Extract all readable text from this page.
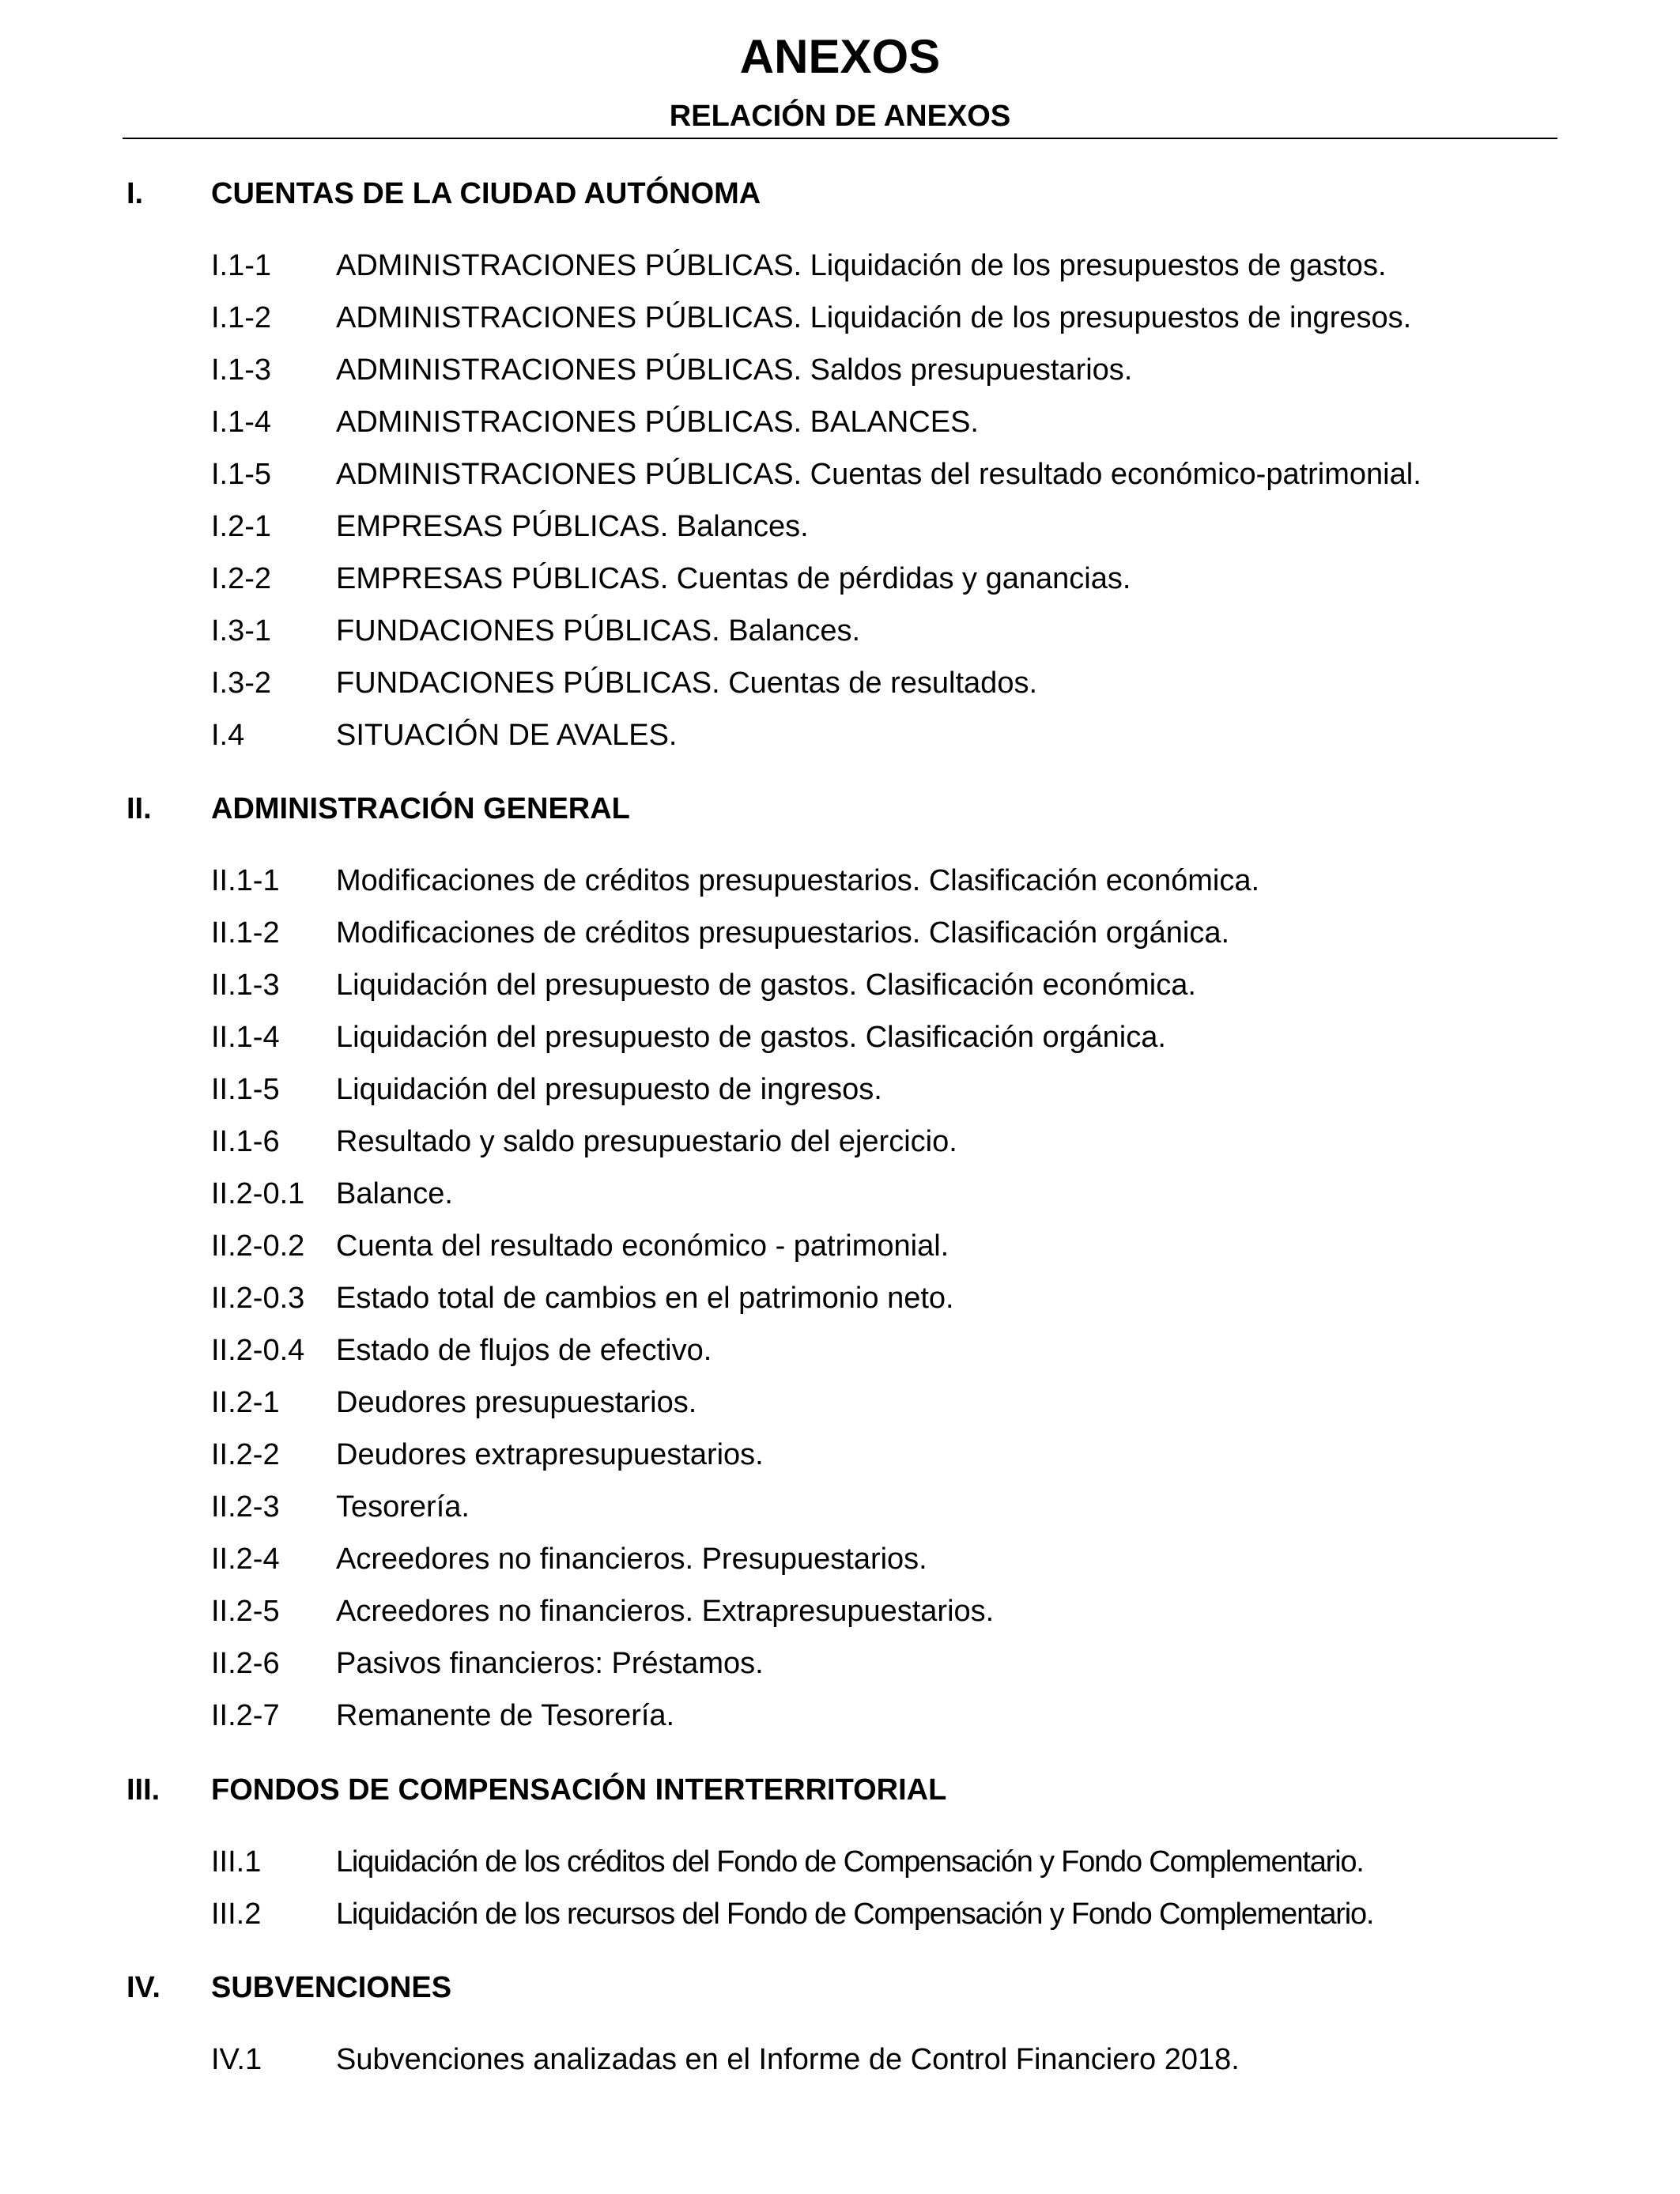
ANEXOS
RELACIÓN DE ANEXOS
I. CUENTAS DE LA CIUDAD AUTÓNOMA
I.1-1 ADMINISTRACIONES PÚBLICAS. Liquidación de los presupuestos de gastos.
I.1-2 ADMINISTRACIONES PÚBLICAS. Liquidación de los presupuestos de ingresos.
I.1-3 ADMINISTRACIONES PÚBLICAS. Saldos presupuestarios.
I.1-4 ADMINISTRACIONES PÚBLICAS. BALANCES.
I.1-5 ADMINISTRACIONES PÚBLICAS. Cuentas del resultado económico-patrimonial.
I.2-1 EMPRESAS PÚBLICAS. Balances.
I.2-2 EMPRESAS PÚBLICAS. Cuentas de pérdidas y ganancias.
I.3-1 FUNDACIONES PÚBLICAS. Balances.
I.3-2 FUNDACIONES PÚBLICAS. Cuentas de resultados.
I.4	SITUACIÓN DE AVALES.
II. ADMINISTRACIÓN GENERAL
II.1-1 Modificaciones de créditos presupuestarios. Clasificación económica.
II.1-2 Modificaciones de créditos presupuestarios. Clasificación orgánica.
II.1-3 Liquidación del presupuesto de gastos. Clasificación económica.
II.1-4 Liquidación del presupuesto de gastos. Clasificación orgánica.
II.1-5 Liquidación del presupuesto de ingresos.
II.1-6 Resultado y saldo presupuestario del ejercicio.
II.2-0.1 Balance.
II.2-0.2 Cuenta del resultado económico - patrimonial.
II.2-0.3 Estado total de cambios en el patrimonio neto.
II.2-0.4 Estado de flujos de efectivo.
II.2-1 Deudores presupuestarios.
II.2-2 Deudores extrapresupuestarios.
II.2-3 Tesorería.
II.2-4 Acreedores no financieros. Presupuestarios.
II.2-5 Acreedores no financieros. Extrapresupuestarios.
II.2-6 Pasivos financieros: Préstamos.
II.2-7 Remanente de Tesorería.
III. FONDOS DE COMPENSACIÓN INTERTERRITORIAL
III.1 Liquidación de los créditos del Fondo de Compensación y Fondo Complementario.
III.2 Liquidación de los recursos del Fondo de Compensación y Fondo Complementario.
IV. SUBVENCIONES
IV.1 Subvenciones analizadas en el Informe de Control Financiero 2018.
